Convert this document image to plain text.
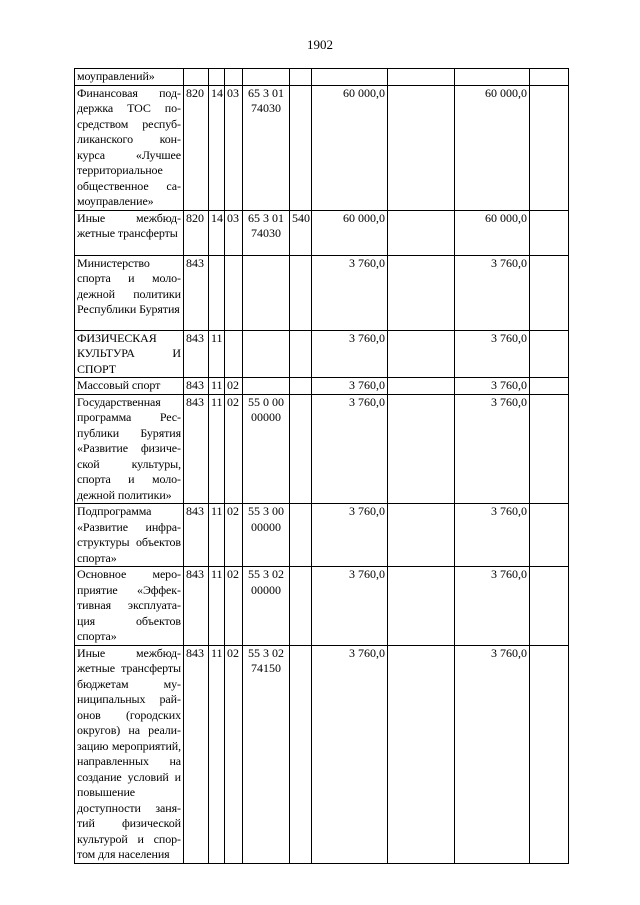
1902
моуправлений»									
Финансовая поддержка ТОС посредством республиканского конкурса «Лучшее территориальное общественное самоуправление»	820	14	03	65 3 01 74030		60 000,0		60 000,0	
Иные межбюджетные трансферты	820	14	03	65 3 01 74030	540	60 000,0		60 000,0	
Министерство спорта и молодежной политики Республики Бурятия	843					3 760,0		3 760,0	
ФИЗИЧЕСКАЯ КУЛЬТУРА И СПОРТ	843	11				3 760,0		3 760,0	
Массовый спорт	843	11	02			3 760,0		3 760,0	
Государственная программа Республики Бурятия «Развитие физической культуры, спорта и молодежной политики»	843	11	02	55 0 00 00000		3 760,0		3 760,0	
Подпрограмма «Развитие инфраструктуры объектов спорта»	843	11	02	55 3 00 00000		3 760,0		3 760,0	
Основное мероприятие «Эффективная эксплуатация объектов спорта»	843	11	02	55 3 02 00000		3 760,0		3 760,0	
Иные межбюджетные трансферты бюджетам муниципальных районов (городских округов) на реализацию мероприятий, направленных на создание условий и повышение доступности занятий физической культурой и спортом для населения	843	11	02	55 3 02 74150		3 760,0		3 760,0	
